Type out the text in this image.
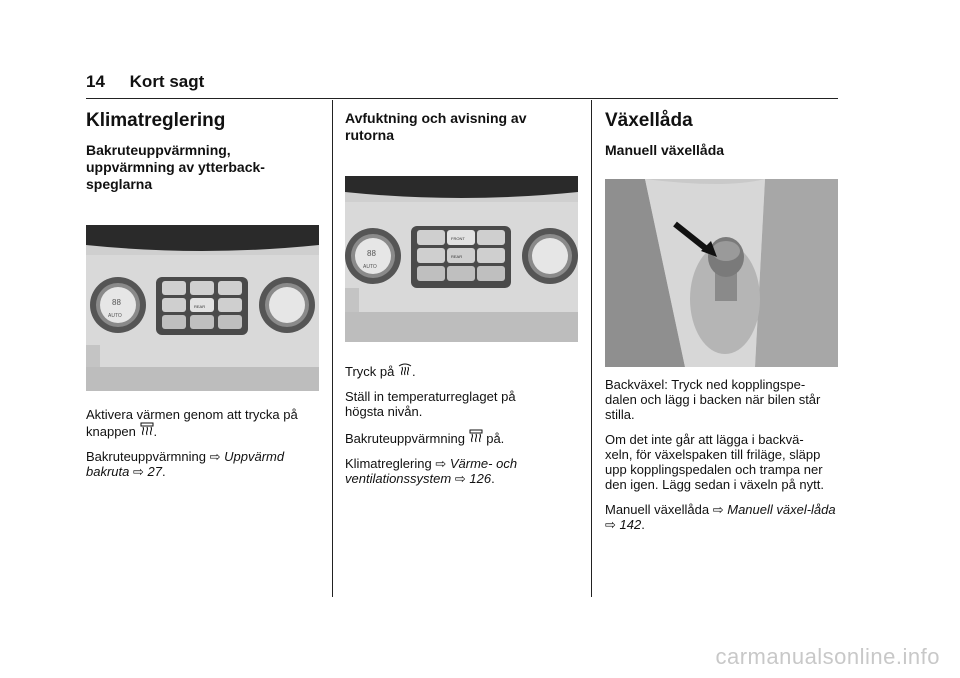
14 Kort sagt
Klimatreglering
Bakruteuppvärmning, uppvärmning av ytterback-speglarna
88
AUTO
REAR

Aktivera värmen genom att trycka på knappen .

Bakruteuppvärmning ⇨ Uppvärmd bakruta ⇨ 27.

Avfuktning och avisning av rutorna
88
AUTO
FRONT
REAR

Tryck på .

Ställ in temperaturreglaget på högsta nivån.

Bakruteuppvärmning på.

Klimatreglering ⇨ Värme- och ventilationssystem ⇨ 126.

Växellåda
Manuell växellåda

Backväxel: Tryck ned kopplingspe-dalen och lägg i backen när bilen står stilla.

Om det inte går att lägga i backvä-xeln, för växelspaken till friläge, släpp upp kopplingspedalen och trampa ner den igen. Lägg sedan i växeln på nytt.

Manuell växellåda ⇨ Manuell växel-låda ⇨ 142.

carmanualsonline.info
